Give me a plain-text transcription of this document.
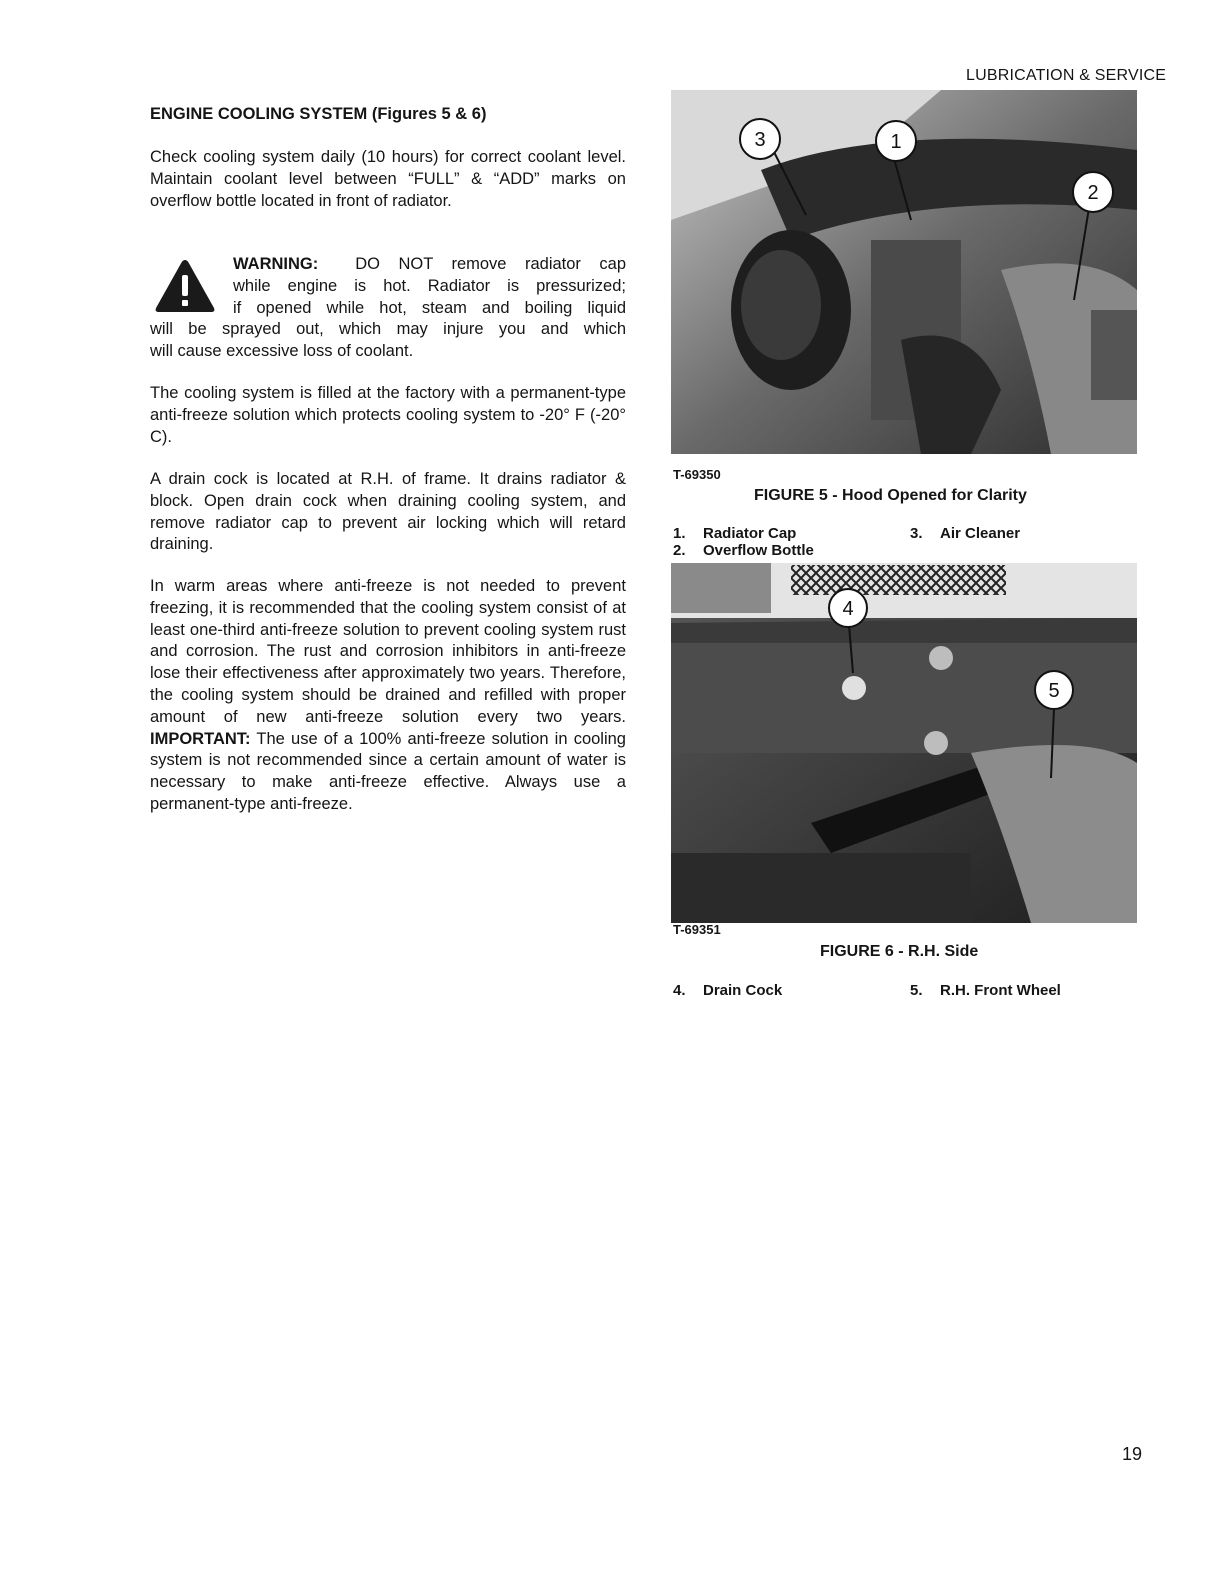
LUBRICATION & SERVICE
ENGINE COOLING SYSTEM (Figures 5 & 6)

Check cooling system daily (10 hours) for correct coolant level. Maintain coolant level between “FULL” & “ADD” marks on overflow bottle located in front of radiator.

WARNING: DO NOT remove radiator cap
while engine is hot. Radiator is pressurized;
if opened while hot, steam and boiling liquid
will be sprayed out, which may injure you and which
will cause excessive loss of coolant.

The cooling system is filled at the factory with a permanent-type anti-freeze solution which protects cooling system to -20° F (-20° C).

A drain cock is located at R.H. of frame. It drains radiator & block. Open drain cock when draining cooling system, and remove radiator cap to prevent air locking which will retard draining.

In warm areas where anti-freeze is not needed to prevent freezing, it is recommended that the cooling system consist of at least one-third anti-freeze solution to prevent cooling system rust and corrosion. The rust and corrosion inhibitors in anti-freeze lose their effectiveness after approximately two years. Therefore, the cooling system should be drained and refilled with proper amount of new anti-freeze solution every two years. IMPORTANT: The use of a 100% anti-freeze solution in cooling system is not recommended since a certain amount of water is necessary to make anti-freeze effective. Always use a permanent-type anti-freeze.

3	1
2
T-69350
FIGURE 5 - Hood Opened for Clarity
1. Radiator Cap	3. Air Cleaner
2. Overflow Bottle
4
5
T-69351
FIGURE 6 - R.H. Side
4. Drain Cock	5. R.H. Front Wheel
19
